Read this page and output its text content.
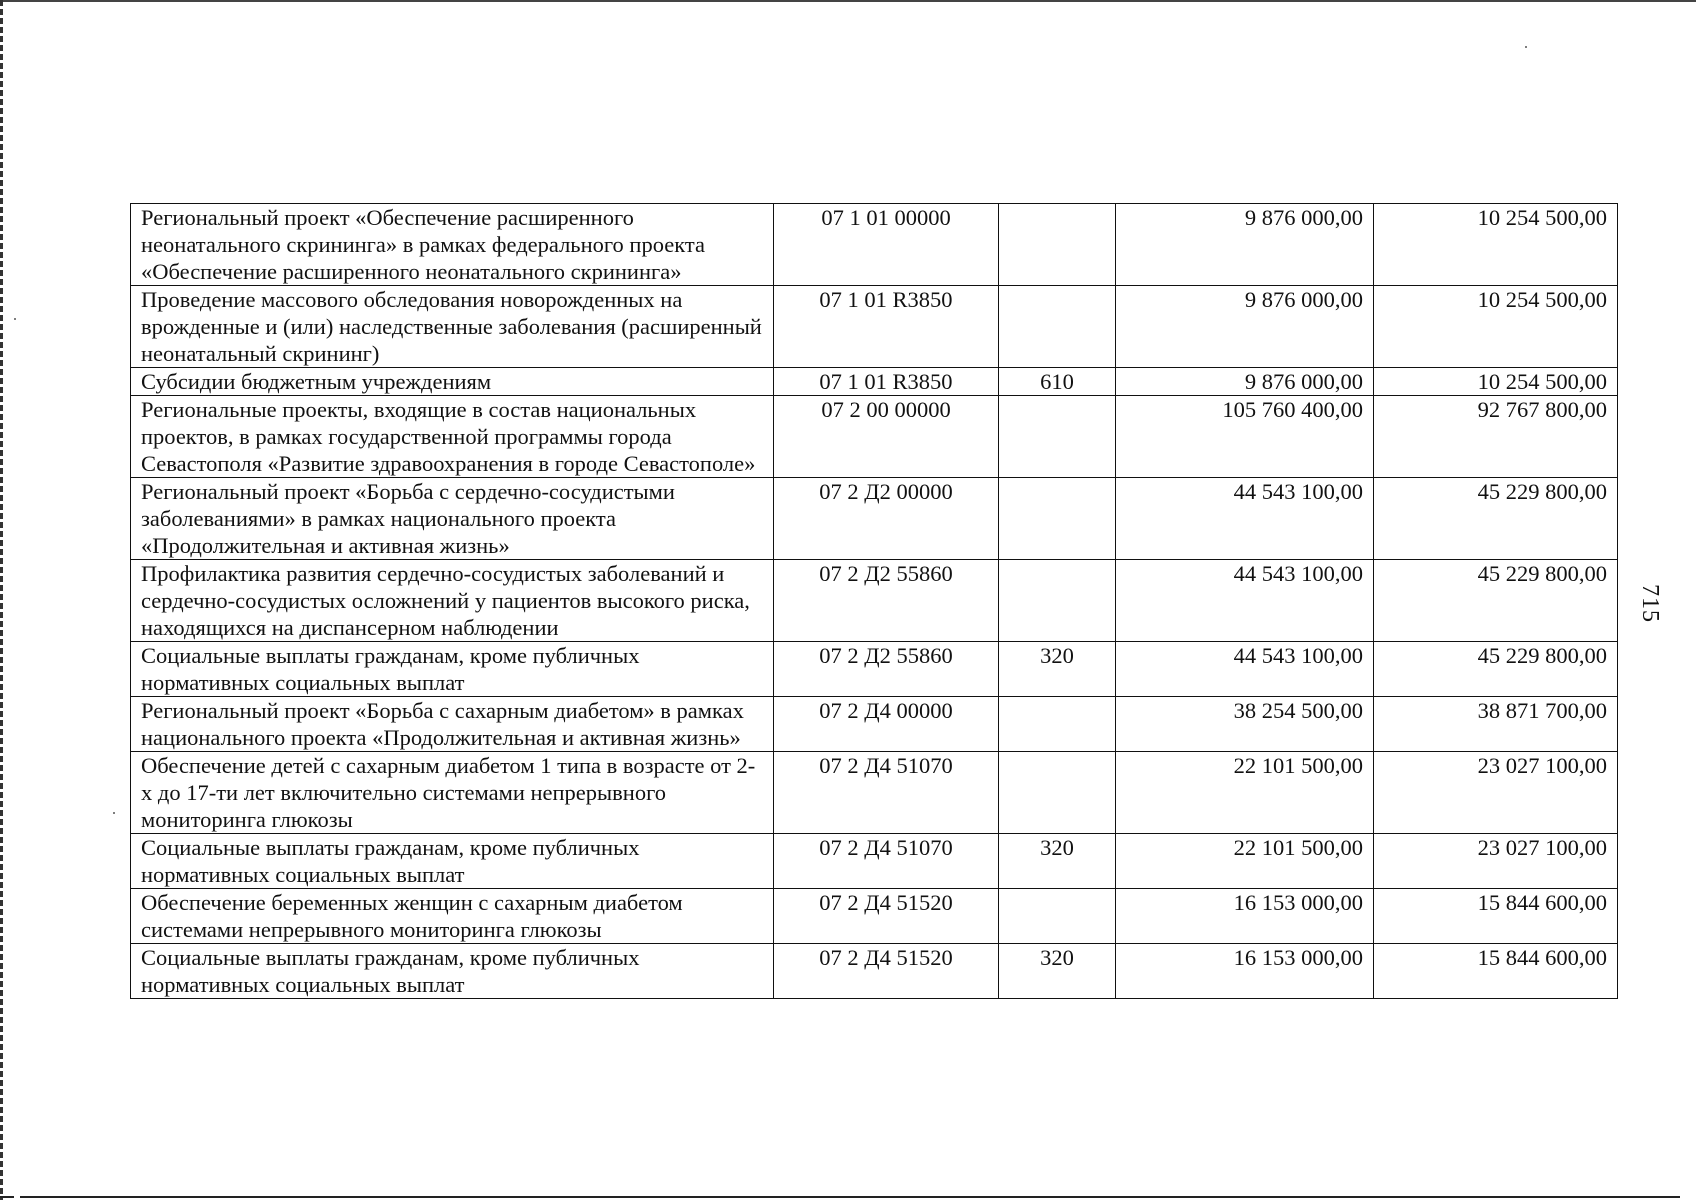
Региональный проект «Обеспечение расширенного неонатального скрининга» в рамках федерального проекта «Обеспечение расширенного неонатального скрининга»	07 1 01 00000		9 876 000,00	10 254 500,00
Проведение массового обследования новорожденных на врожденные и (или) наследственные заболевания (расширенный неонатальный скрининг)	07 1 01 R3850		9 876 000,00	10 254 500,00
Субсидии бюджетным учреждениям	07 1 01 R3850	610	9 876 000,00	10 254 500,00
Региональные проекты, входящие в состав национальных проектов, в рамках государственной программы города Севастополя «Развитие здравоохранения в городе Севастополе»	07 2 00 00000		105 760 400,00	92 767 800,00
Региональный проект «Борьба с сердечно-сосудистыми заболеваниями» в рамках национального проекта «Продолжительная и активная жизнь»	07 2 Д2 00000		44 543 100,00	45 229 800,00
Профилактика развития сердечно-сосудистых заболеваний и сердечно-сосудистых осложнений у пациентов высокого риска, находящихся на диспансерном наблюдении	07 2 Д2 55860		44 543 100,00	45 229 800,00
Социальные выплаты гражданам, кроме публичных нормативных социальных выплат	07 2 Д2 55860	320	44 543 100,00	45 229 800,00
Региональный проект «Борьба с сахарным диабетом» в рамках национального проекта «Продолжительная и активная жизнь»	07 2 Д4 00000		38 254 500,00	38 871 700,00
Обеспечение детей с сахарным диабетом 1 типа в возрасте от 2-х до 17-ти лет включительно системами непрерывного мониторинга глюкозы	07 2 Д4 51070		22 101 500,00	23 027 100,00
Социальные выплаты гражданам, кроме публичных нормативных социальных выплат	07 2 Д4 51070	320	22 101 500,00	23 027 100,00
Обеспечение беременных женщин с сахарным диабетом системами непрерывного мониторинга глюкозы	07 2 Д4 51520		16 153 000,00	15 844 600,00
Социальные выплаты гражданам, кроме публичных нормативных социальных выплат	07 2 Д4 51520	320	16 153 000,00	15 844 600,00
715
